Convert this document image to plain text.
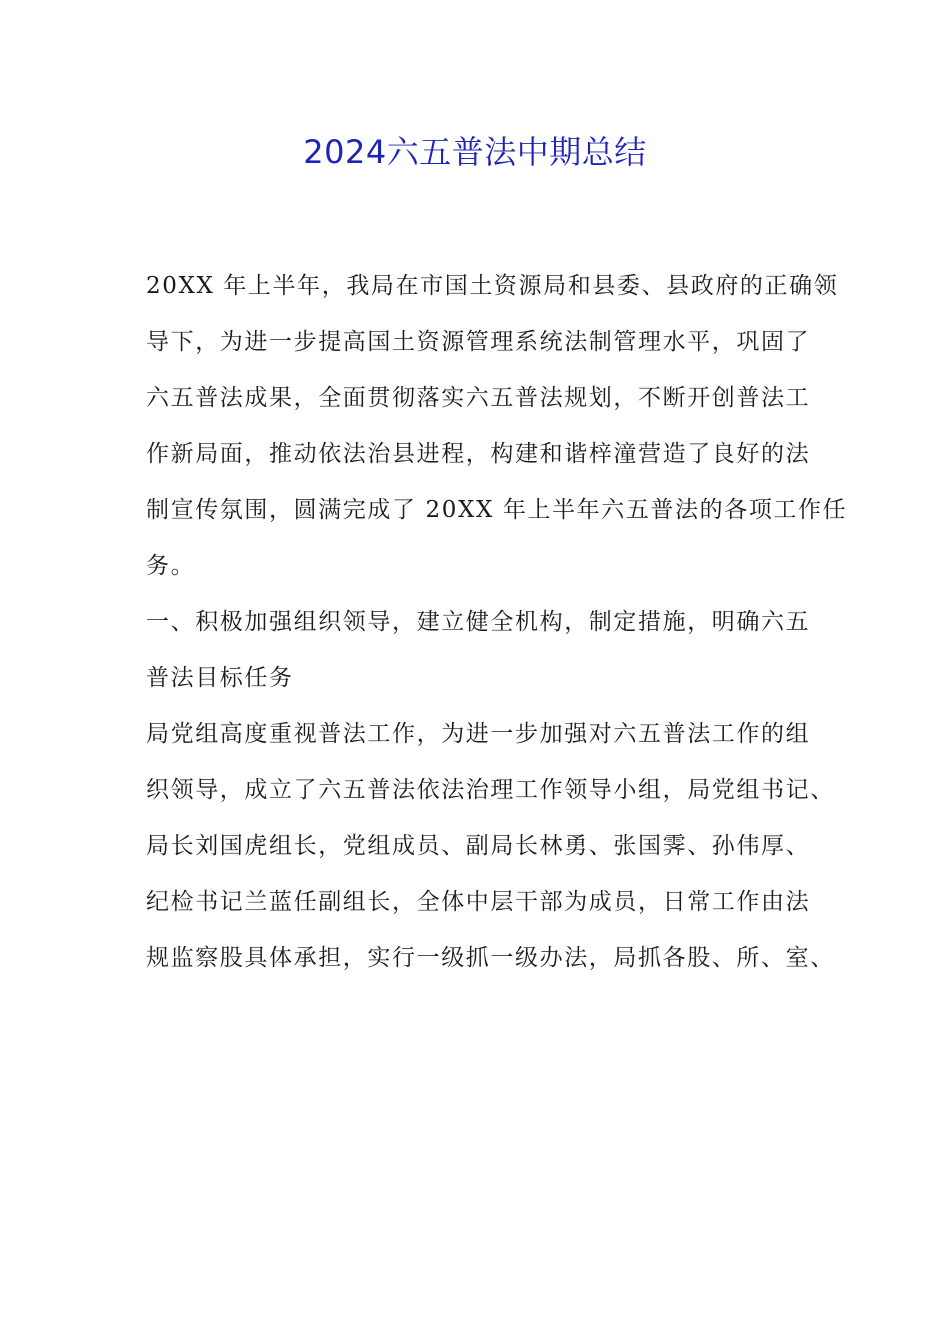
2024六五普法中期总结
20XX 年上半年，我局在市国土资源局和县委、县政府的正确领
导下，为进一步提高国土资源管理系统法制管理水平，巩固了
六五普法成果，全面贯彻落实六五普法规划，不断开创普法工
作新局面，推动依法治县进程，构建和谐梓潼营造了良好的法
制宣传氛围，圆满完成了 20XX 年上半年六五普法的各项工作任
务。
一、积极加强组织领导，建立健全机构，制定措施，明确六五
普法目标任务
局党组高度重视普法工作，为进一步加强对六五普法工作的组
织领导，成立了六五普法依法治理工作领导小组，局党组书记、
局长刘国虎组长，党组成员、副局长林勇、张国霁、孙伟厚、
纪检书记兰蓝任副组长，全体中层干部为成员，日常工作由法
规监察股具体承担，实行一级抓一级办法，局抓各股、所、室、
